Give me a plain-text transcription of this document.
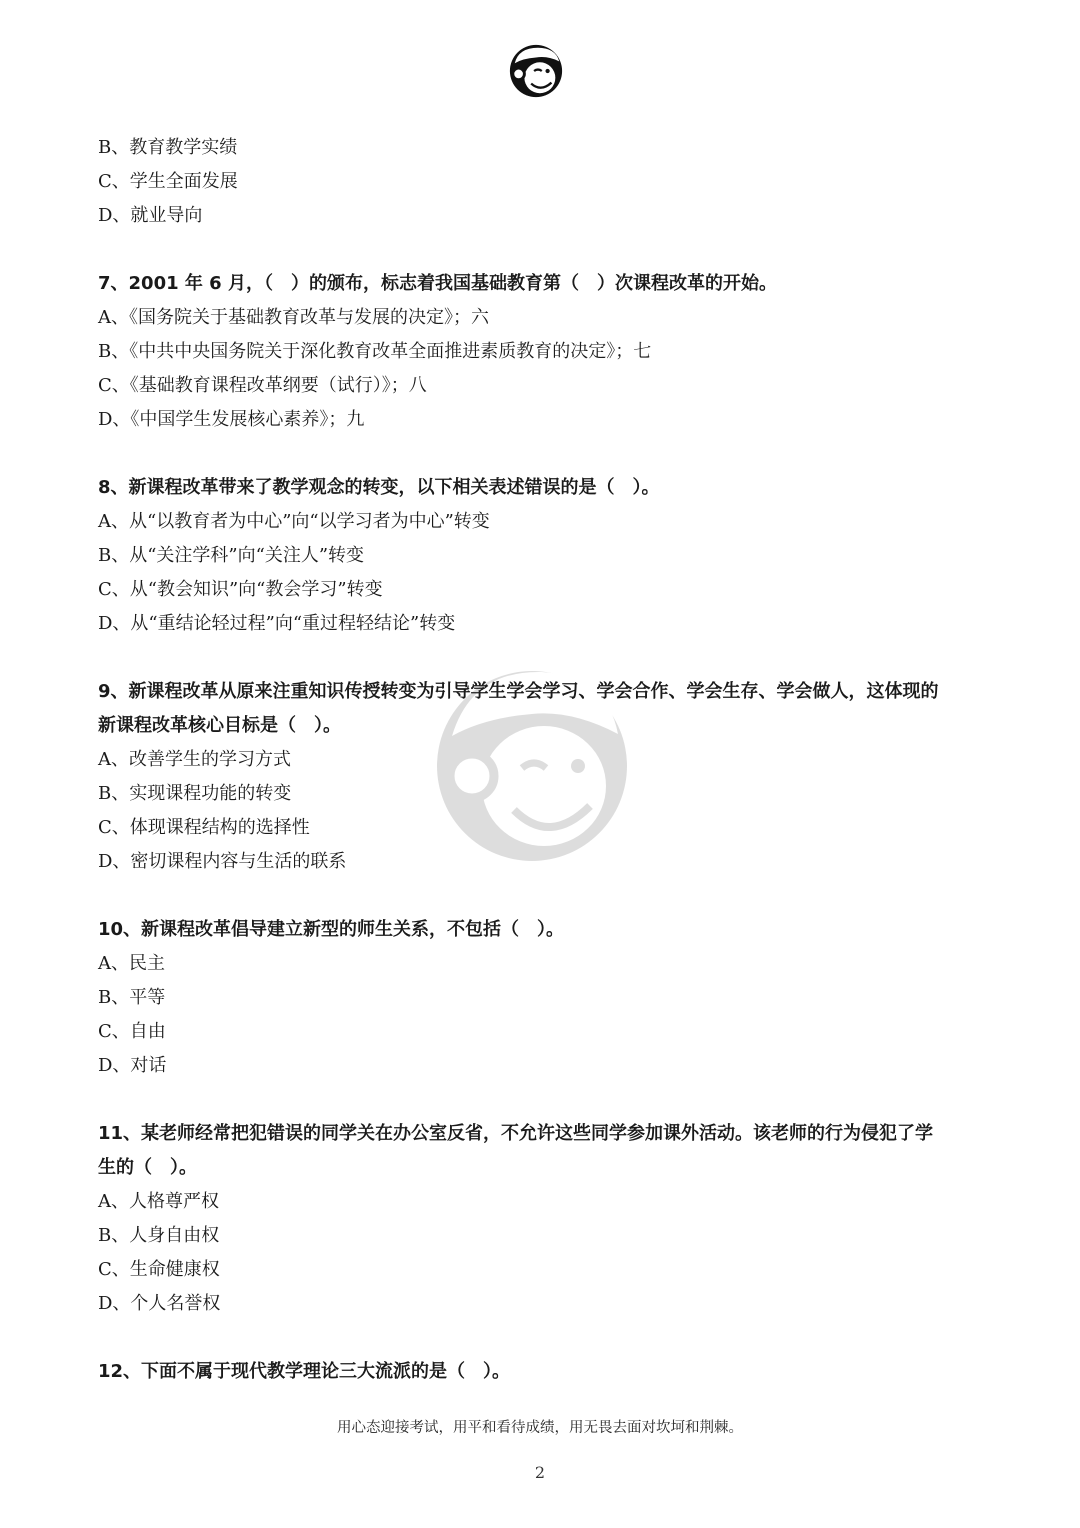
B、教育教学实绩
C、学生全面发展
D、就业导向
7、2001 年 6 月，（　）的颁布，标志着我国基础教育第（　）次课程改革的开始。
A、《国务院关于基础教育改革与发展的决定》；六
B、《中共中央国务院关于深化教育改革全面推进素质教育的决定》；七
C、《基础教育课程改革纲要（试行）》；八
D、《中国学生发展核心素养》；九
8、新课程改革带来了教学观念的转变，以下相关表述错误的是（　）。
A、从“以教育者为中心”向“以学习者为中心”转变
B、从“关注学科”向“关注人”转变
C、从“教会知识”向“教会学习”转变
D、从“重结论轻过程”向“重过程轻结论”转变
9、新课程改革从原来注重知识传授转变为引导学生学会学习、学会合作、学会生存、学会做人，这体现的
新课程改革核心目标是（　）。
A、改善学生的学习方式
B、实现课程功能的转变
C、体现课程结构的选择性
D、密切课程内容与生活的联系
10、新课程改革倡导建立新型的师生关系，不包括（　）。
A、民主
B、平等
C、自由
D、对话
11、某老师经常把犯错误的同学关在办公室反省，不允许这些同学参加课外活动。该老师的行为侵犯了学
生的（　）。
A、人格尊严权
B、人身自由权
C、生命健康权
D、个人名誉权
12、下面不属于现代教学理论三大流派的是（　）。
用心态迎接考试，用平和看待成绩，用无畏去面对坎坷和荆棘。
2
